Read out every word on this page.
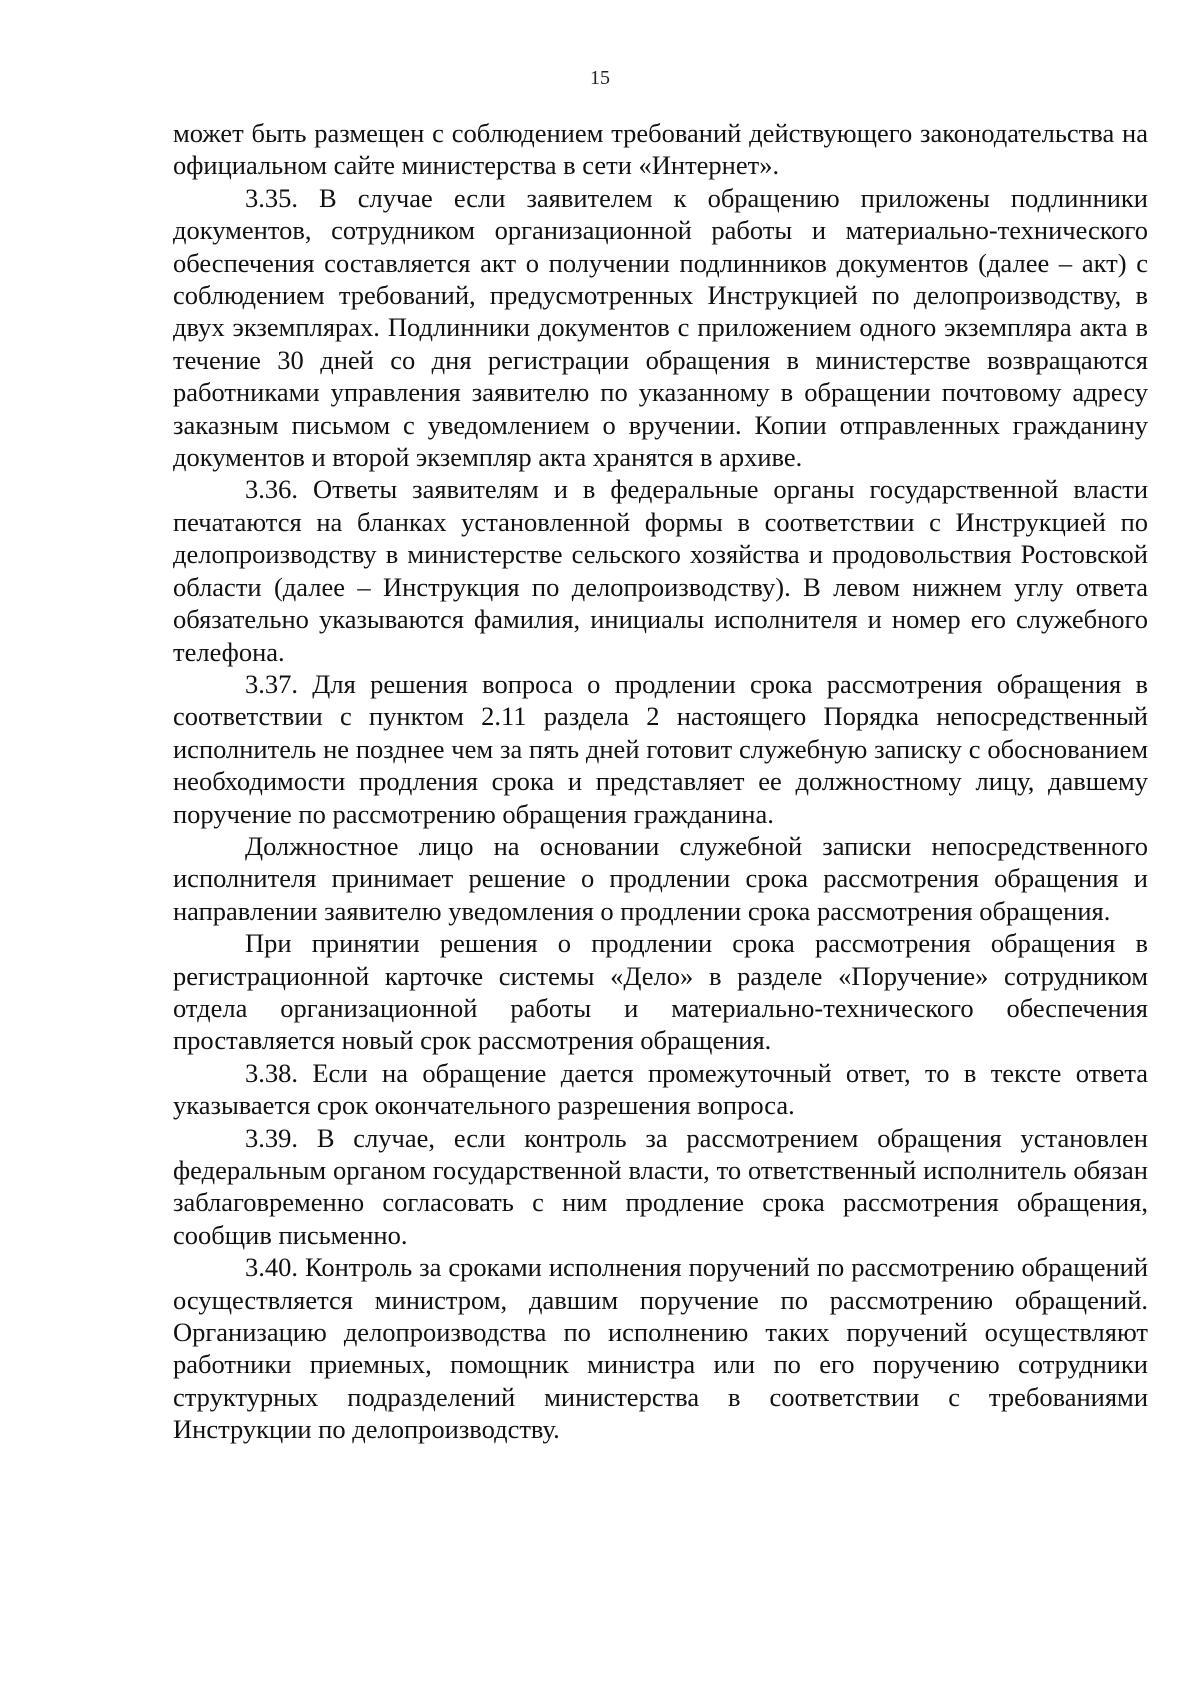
15

может быть размещен с соблюдением требований действующего законодательства на официальном сайте министерства в сети «Интернет».

3.35. В случае если заявителем к обращению приложены подлинники документов, сотрудником организационной работы и материально-технического обеспечения составляется акт о получении подлинников документов (далее – акт) с соблюдением требований, предусмотренных Инструкцией по делопроизводству, в двух экземплярах. Подлинники документов с приложением одного экземпляра акта в течение 30 дней со дня регистрации обращения в министерстве возвращаются работниками управления заявителю по указанному в обращении почтовому адресу заказным письмом с уведомлением о вручении. Копии отправленных гражданину документов и второй экземпляр акта хранятся в архиве.

3.36. Ответы заявителям и в федеральные органы государственной власти печатаются на бланках установленной формы в соответствии с Инструкцией по делопроизводству в министерстве сельского хозяйства и продовольствия Ростовской области (далее – Инструкция по делопроизводству). В левом нижнем углу ответа обязательно указываются фамилия, инициалы исполнителя и номер его служебного телефона.

3.37. Для решения вопроса о продлении срока рассмотрения обращения в соответствии с пунктом 2.11 раздела 2 настоящего Порядка непосредственный исполнитель не позднее чем за пять дней готовит служебную записку с обоснованием необходимости продления срока и представляет ее должностному лицу, давшему поручение по рассмотрению обращения гражданина.

Должностное лицо на основании служебной записки непосредственного исполнителя принимает решение о продлении срока рассмотрения обращения и направлении заявителю уведомления о продлении срока рассмотрения обращения.

При принятии решения о продлении срока рассмотрения обращения в регистрационной карточке системы «Дело» в разделе «Поручение» сотрудником отдела организационной работы и материально-технического обеспечения проставляется новый срок рассмотрения обращения.

3.38. Если на обращение дается промежуточный ответ, то в тексте ответа указывается срок окончательного разрешения вопроса.

3.39. В случае, если контроль за рассмотрением обращения установлен федеральным органом государственной власти, то ответственный исполнитель обязан заблаговременно согласовать с ним продление срока рассмотрения обращения, сообщив письменно.

3.40. Контроль за сроками исполнения поручений по рассмотрению обращений осуществляется министром, давшим поручение по рассмотрению обращений. Организацию делопроизводства по исполнению таких поручений осуществляют работники приемных, помощник министра или по его поручению сотрудники структурных подразделений министерства в соответствии с требованиями Инструкции по делопроизводству.
